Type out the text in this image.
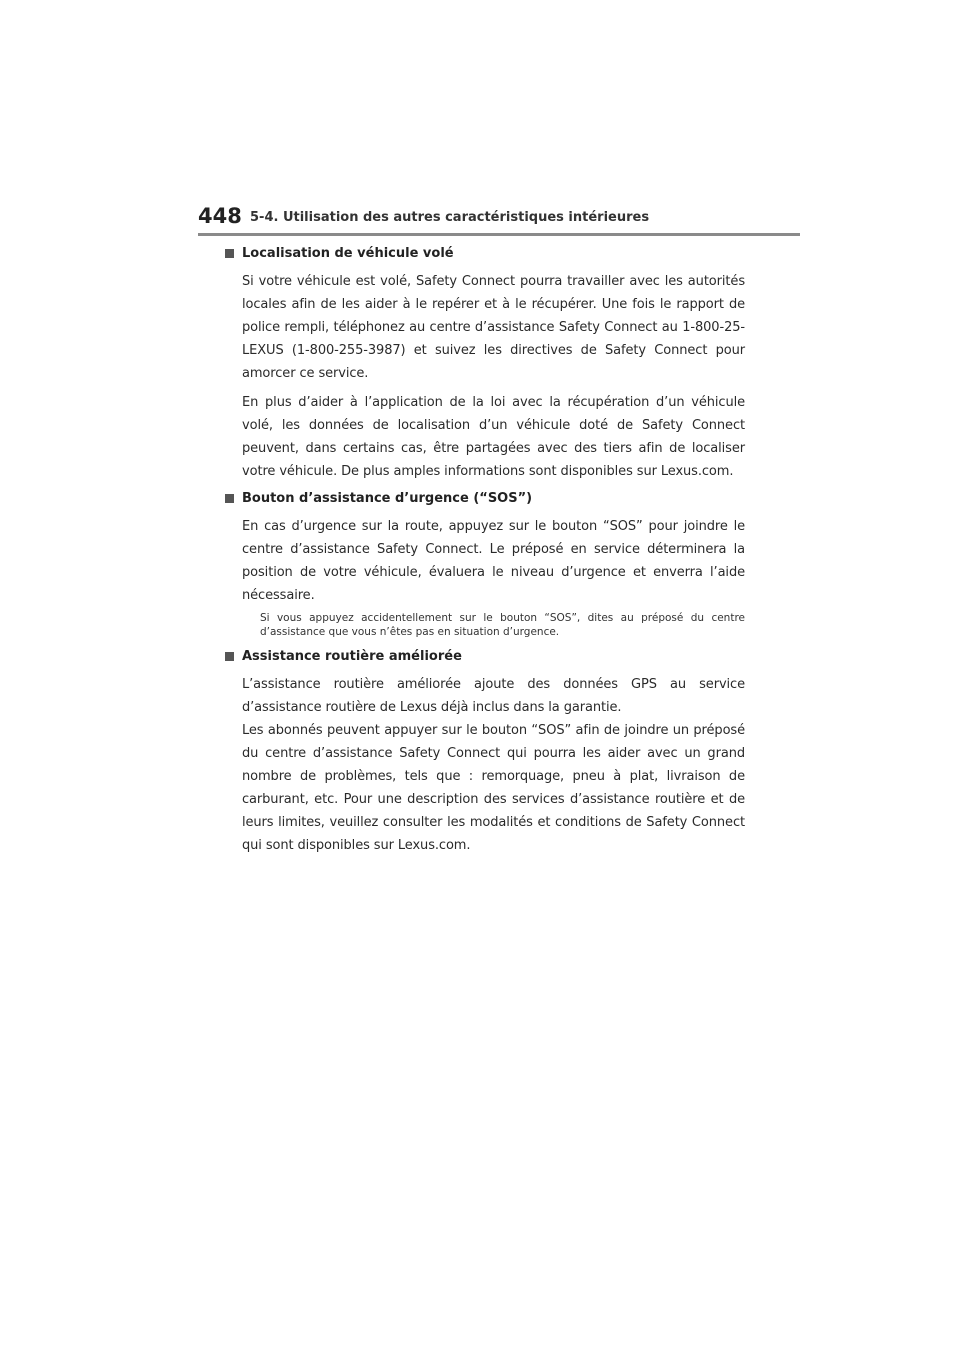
448 5-4. Utilisation des autres caractéristiques intérieures
Localisation de véhicule volé

Si votre véhicule est volé, Safety Connect pourra travailler avec les autorités locales afin de les aider à le repérer et à le récupérer. Une fois le rapport de police rempli, téléphonez au centre d’assistance Safety Connect au 1-800-25-LEXUS (1-800-255-3987) et suivez les directives de Safety Connect pour amorcer ce service.

En plus d’aider à l’application de la loi avec la récupération d’un véhicule volé, les données de localisation d’un véhicule doté de Safety Connect peuvent, dans certains cas, être partagées avec des tiers afin de localiser votre véhicule. De plus amples informations sont disponibles sur Lexus.com.

Bouton d’assistance d’urgence (“SOS”)

En cas d’urgence sur la route, appuyez sur le bouton “SOS” pour joindre le centre d’assistance Safety Connect. Le préposé en service déterminera la position de votre véhicule, évaluera le niveau d’urgence et enverra l’aide nécessaire.

Si vous appuyez accidentellement sur le bouton “SOS”, dites au préposé du centre d’assistance que vous n’êtes pas en situation d’urgence.

Assistance routière améliorée

L’assistance routière améliorée ajoute des données GPS au service d’assistance routière de Lexus déjà inclus dans la garantie.

Les abonnés peuvent appuyer sur le bouton “SOS” afin de joindre un préposé du centre d’assistance Safety Connect qui pourra les aider avec un grand nombre de problèmes, tels que : remorquage, pneu à plat, livraison de carburant, etc. Pour une description des services d’assistance routière et de leurs limites, veuillez consulter les modalités et conditions de Safety Connect qui sont disponibles sur Lexus.com.
